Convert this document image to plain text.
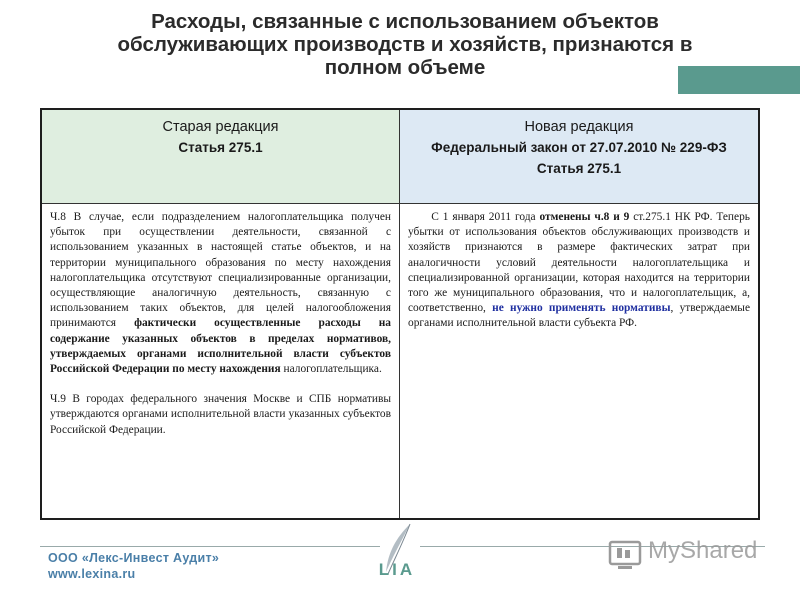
Расходы, связанные с использованием объектов
обслуживающих производств и хозяйств, признаются в
полном объеме
Старая редакция
Статья 275.1
Новая редакция
Федеральный закон от 27.07.2010 № 229-ФЗ
Статья 275.1

Ч.8 В случае, если подразделением налогоплательщика получен убыток при осуществлении деятельности, связанной с использованием указанных в настоящей статье объектов, и на территории муниципального образования по месту нахождения налогоплательщика отсутствуют специализированные организации, осуществляющие аналогичную деятельность, связанную с использованием таких объектов, для целей налогообложения принимаются фактически осуществленные расходы на содержание указанных объектов в пределах нормативов, утверждаемых органами исполнительной власти субъектов Российской Федерации по месту нахождения налогоплательщика.

Ч.9 В городах федерального значения Москве и СПБ нормативы утверждаются органами исполнительной власти указанных субъектов Российской Федерации.

С 1 января 2011 года отменены ч.8 и 9 ст.275.1 НК РФ. Теперь убытки от использования объектов обслуживающих производств и хозяйств признаются в размере фактических затрат при аналогичности условий деятельности налогоплательщика и специализированной организации, которая находится на территории того же муниципального образования, что и налогоплательщик, а, соответственно, не нужно применять нормативы, утверждаемые органами исполнительной власти субъекта РФ.

ООО «Лекс-Инвест Аудит»
www.lexina.ru	LIA
MyShared
